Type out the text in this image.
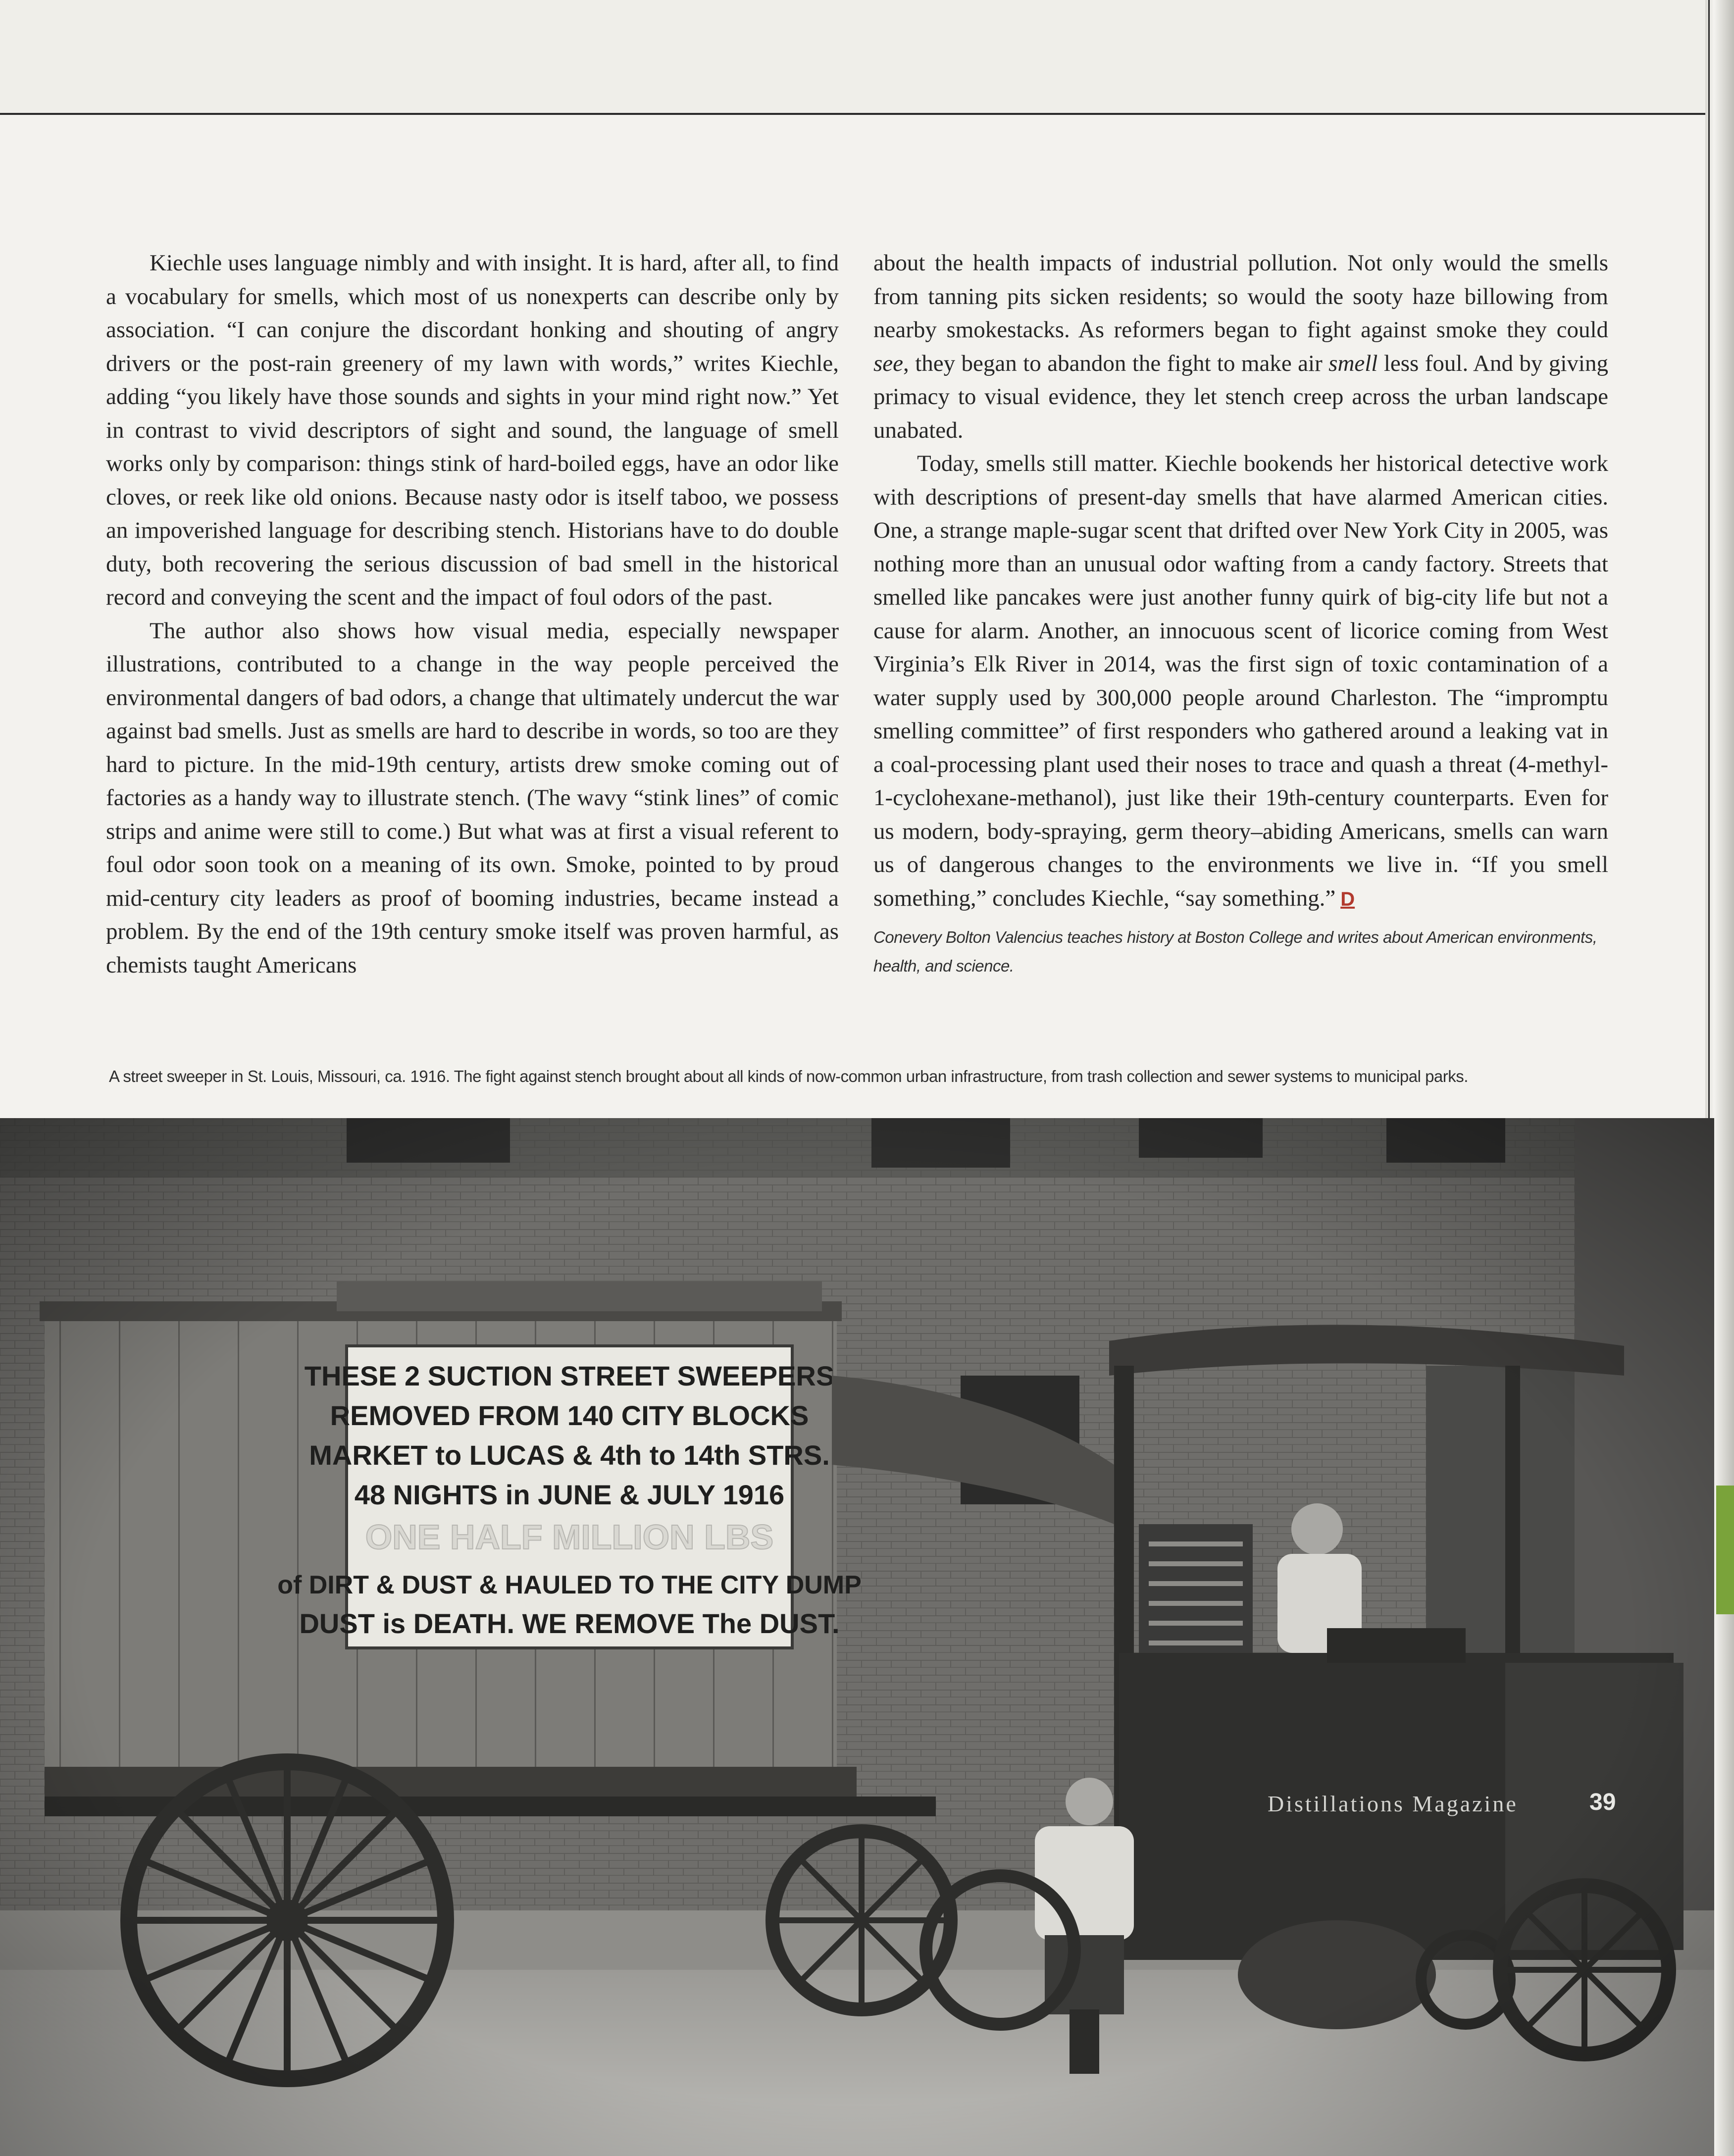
Kiechle uses language nimbly and with insight. It is hard, after all, to find a vocabulary for smells, which most of us nonexperts can describe only by association. “I can conjure the discordant honking and shouting of angry drivers or the post-rain greenery of my lawn with words,” writes Kiechle, adding “you likely have those sounds and sights in your mind right now.” Yet in contrast to vivid descriptors of sight and sound, the language of smell works only by comparison: things stink of hard-boiled eggs, have an odor like cloves, or reek like old onions. Because nasty odor is itself taboo, we possess an impoverished language for describing stench. Historians have to do double duty, both recovering the serious discussion of bad smell in the historical record and conveying the scent and the impact of foul odors of the past.

The author also shows how visual media, especially newspaper illustrations, contributed to a change in the way people perceived the environmental dangers of bad odors, a change that ultimately undercut the war against bad smells. Just as smells are hard to describe in words, so too are they hard to picture. In the mid-19th century, artists drew smoke coming out of factories as a handy way to illustrate stench. (The wavy “stink lines” of comic strips and anime were still to come.) But what was at first a visual referent to foul odor soon took on a meaning of its own. Smoke, pointed to by proud mid-century city leaders as proof of booming industries, became instead a problem. By the end of the 19th century smoke itself was proven harmful, as chemists taught Americans

about the health impacts of industrial pollution. Not only would the smells from tanning pits sicken residents; so would the sooty haze billowing from nearby smokestacks. As reformers began to fight against smoke they could see, they began to abandon the fight to make air smell less foul. And by giving primacy to visual evidence, they let stench creep across the urban landscape unabated.

Today, smells still matter. Kiechle bookends her historical detective work with descriptions of present-day smells that have alarmed American cities. One, a strange maple-sugar scent that drifted over New York City in 2005, was nothing more than an unusual odor wafting from a candy factory. Streets that smelled like pancakes were just another funny quirk of big-city life but not a cause for alarm. Another, an innocuous scent of licorice coming from West Virginia’s Elk River in 2014, was the first sign of toxic contamination of a water supply used by 300,000 people around Charleston. The “impromptu smelling committee” of first responders who gathered around a leaking vat in a coal-processing plant used their noses to trace and quash a threat (4-methyl-1-cyclohexane-methanol), just like their 19th-century counterparts. Even for us modern, body-spraying, germ theory–abiding Americans, smells can warn us of dangerous changes to the environments we live in. “If you smell something,” concludes Kiechle, “say something.” D

Conevery Bolton Valencius teaches history at Boston College and writes about American environments, health, and science.
A street sweeper in St. Louis, Missouri, ca. 1916. The fight against stench brought about all kinds of now-common urban infrastructure, from trash collection and sewer systems to municipal parks.
Distillations Magazine	39
